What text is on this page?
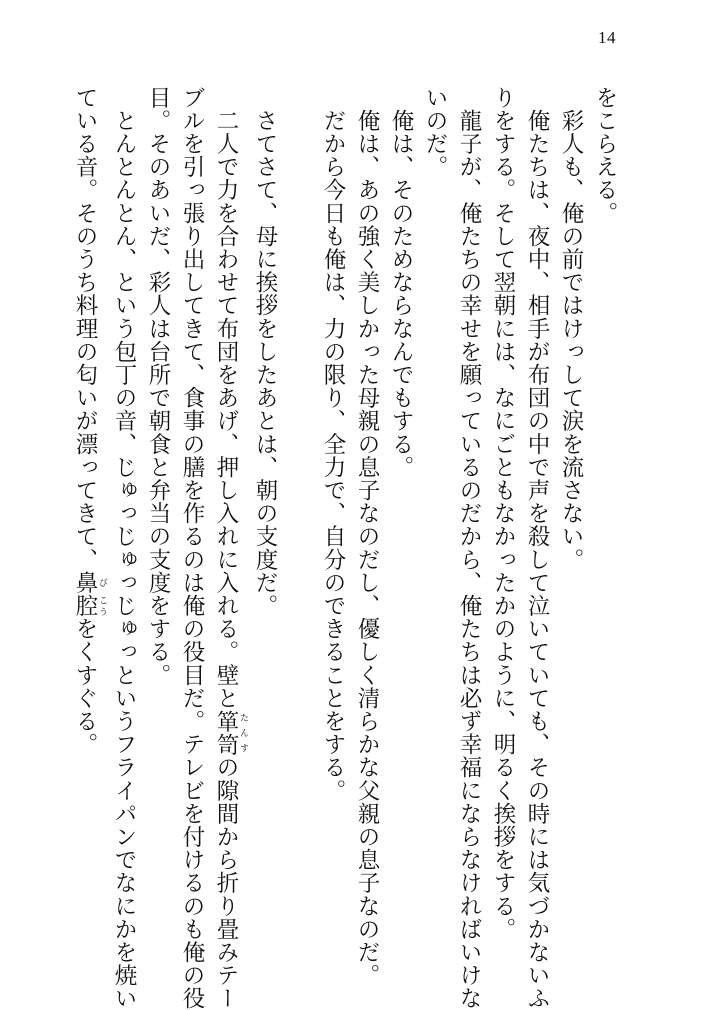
14

をこらえる。

　彩人も、俺の前ではけっして涙を流さない。

　俺たちは、夜中、相手が布団の中で声を殺して泣いていても、その時には気づかないふ

りをする。そして翌朝には、なにごともなかったかのように、明るく挨拶をする。

　龍子が、俺たちの幸せを願っているのだから、俺たちは必ず幸福にならなければいけな

いのだ。

　俺は、そのためならなんでもする。

　俺は、あの強く美しかった母親の息子なのだし、優しく清らかな父親の息子なのだ。

　だから今日も俺は、力の限り、全力で、自分のできることをする。

　さてさて、母に挨拶をしたあとは、朝の支度だ。

　二人で力を合わせて布団をあげ、押し入れに入れる。壁と箪笥 たんすの隙間から折り畳みテー

ブルを引っ張り出してきて、食事の膳を作るのは俺の役目だ。テレビを付けるのも俺の役

目。そのあいだ、彩人は台所で朝食と弁当の支度をする。

　とんとんとん、という包丁の音、じゅっじゅっじゅっというフライパンでなにかを焼い

ている音。そのうち料理の匂いが漂ってきて、鼻 び腔 こうをくすぐる。
